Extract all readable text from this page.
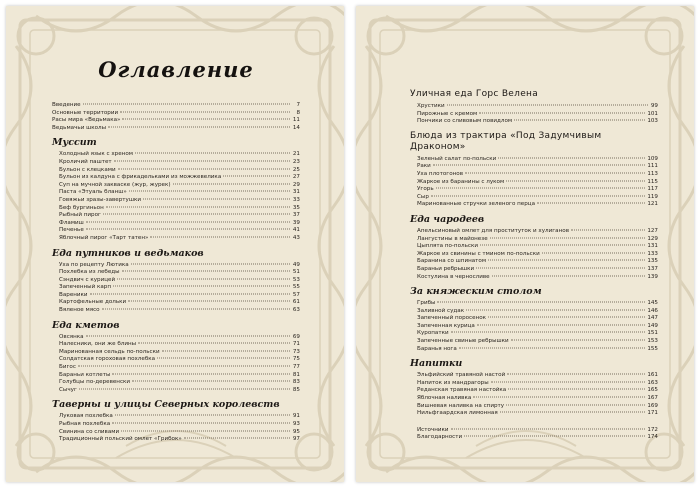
Оглавление
Введение	7
Основные территории	8
Расы мира «Ведьмака»	11
Ведьмачьи школы	14
Муссит
Холодный язык с хреном	21
Кроличий паштет	23
Бульон с клецками	25
Бульон из калдуна с фрикадельками из можжевелика	27
Суп на мучной закваске (жур, журек)	29
Паста «Этуаль бланш»	31
Говяжьи зразы-завертушки	33
Беф бургиньон	35
Рыбный пирог	37
Фламиш	39
Печенье	41
Яблочный пирог «Тарт татен»	43
Еда путников и ведьмаков
Уха по рецепту Лютика	49
Похлебка из лебеды	51
Сэндвич с курицей	53
Запеченный карп	55
Вареники	57
Картофельные дольки	61
Вяленое мясо	63
Еда кметов
Овсянка	69
Налесники, они же блины	71
Маринованная сельдь по-польски	73
Солдатская гороховая похлебка	75
Бигос	77
Бараньи котлеты	81
Голубцы по-деревенски	83
Сычуг	85
Таверны и улицы Северных королевств
Луковая похлебка	91
Рыбная похлебка	93
Свинина со сливами	95
Традиционный польский омлет «Грибок»	97
Уличная еда Горс Велена
Хрустики	99
Пирожные с кремом	101
Пончики со сливовым повидлом	103
Блюда из трактира «Под Задумчивым Драконом»
Зеленый салат по-польски	109
Раки	111
Уха плотогонов	113
Жаркое из баранины с луком	115
Угорь	117
Сыр	119
Маринованные стручки зеленого перца	121
Еда чародеев
Апельсиновый омлет для проституток и хулиганов	127
Лангустины в майонезе	129
Цыплята по-польски	131
Жаркое из свинины с тмином по-польски	133
Баранина со шпинатом	135
Бараньи ребрышки	137
Костулина в черносливе	139
За княжеским столом
Грибы	145
Заливной судак	146
Запеченный поросенок	147
Запеченная курица	149
Куропатки	151
Запеченные свиные ребрышки	153
Баранья нога	155
Напитки
Эльфийский травяной настой	161
Напиток из мандрагоры	163
Реданская травяная настойка	165
Яблочная наливка	167
Вишневая наливка на спирту	169
Нильфгаардская лимонная	171
Источники	172
Благодарности	174
